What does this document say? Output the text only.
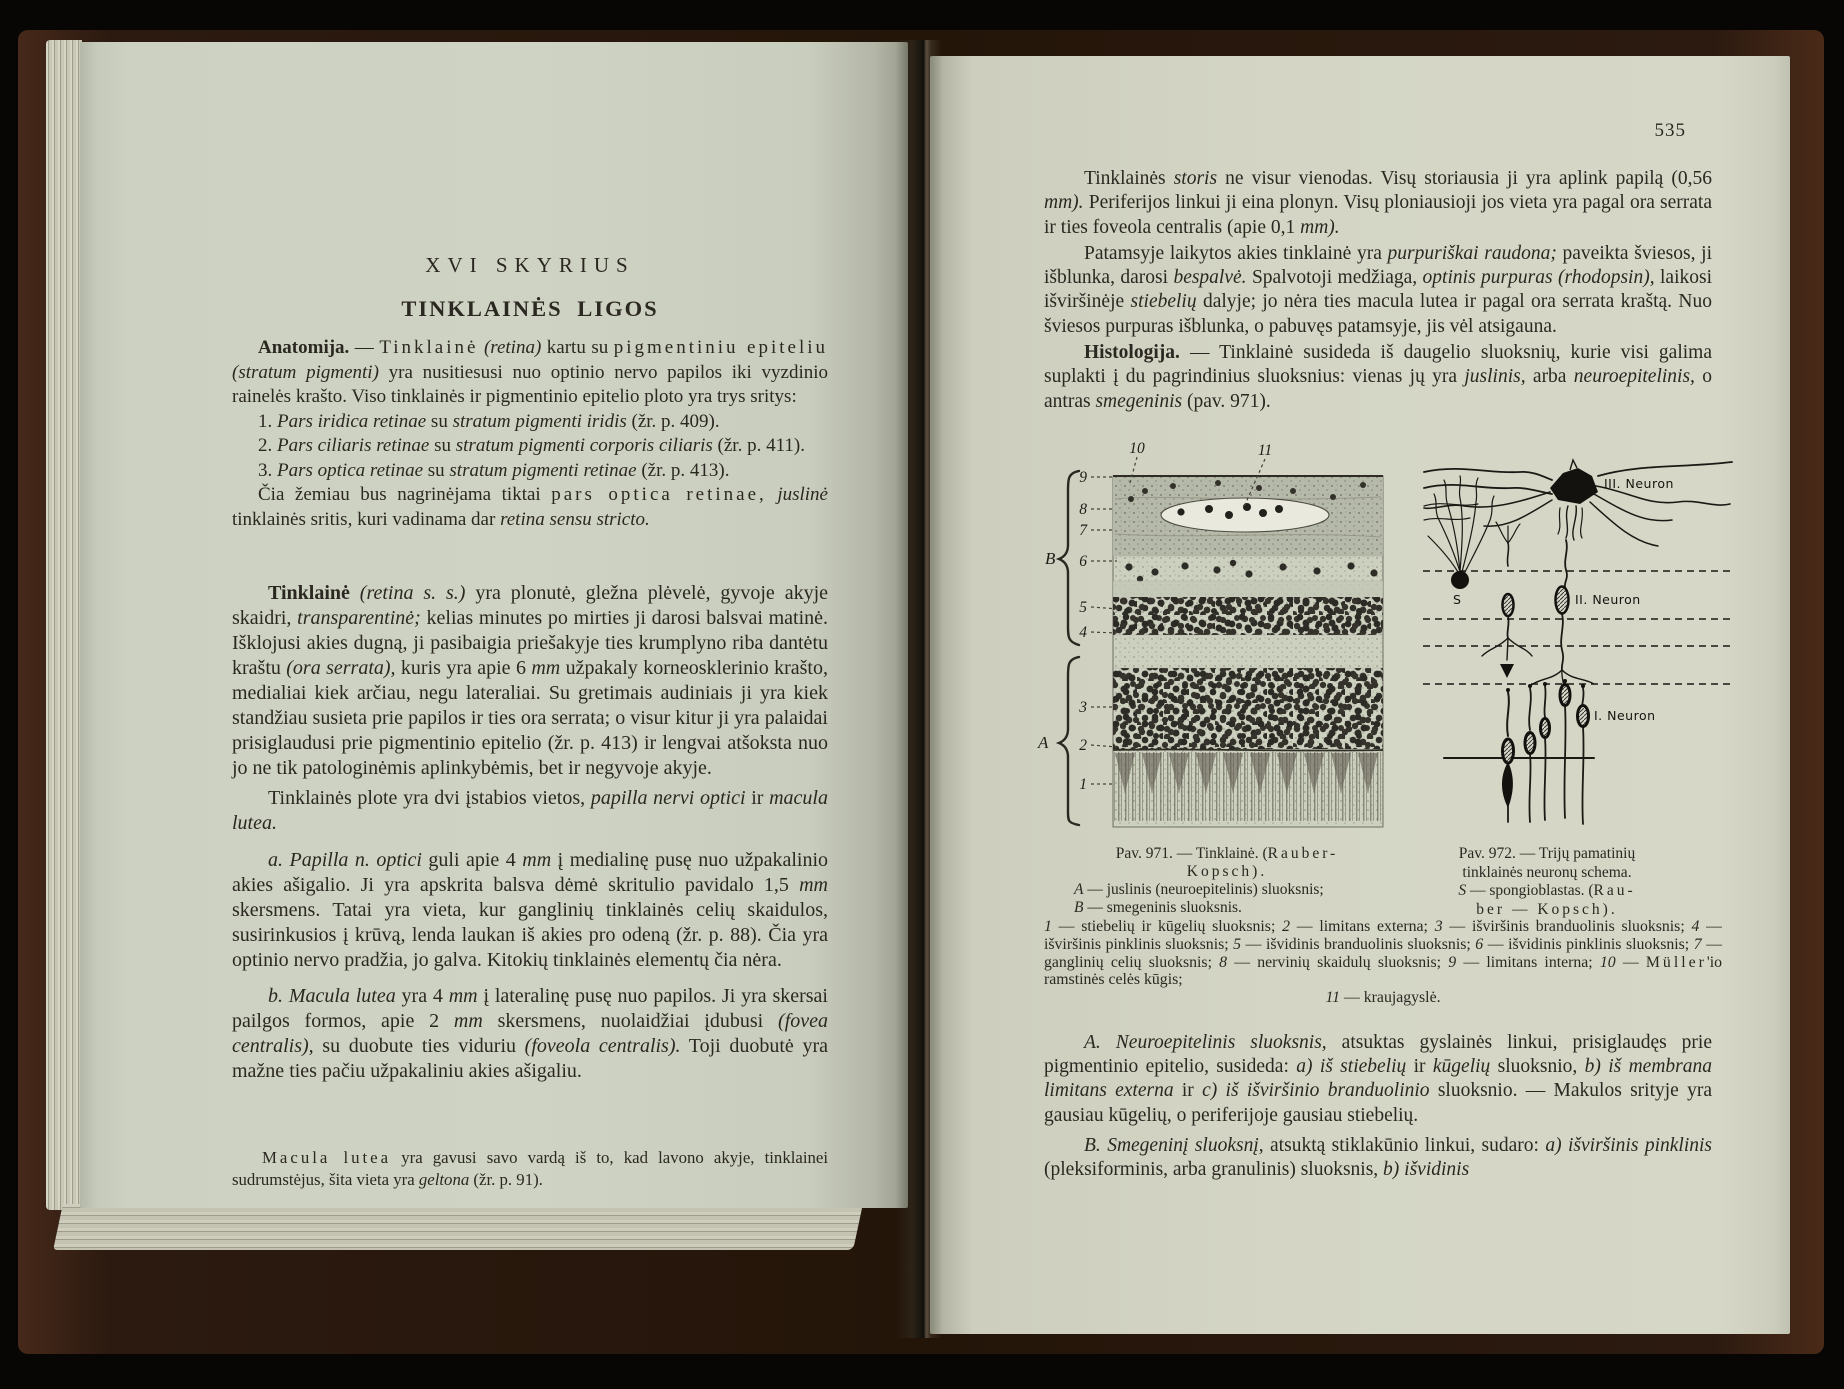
XVI SKYRIUS
TINKLAINĖS LIGOS

Anatomija. — Tinklainė (retina) kartu su pigmentiniu epiteliu (stratum pigmenti) yra nusitiesusi nuo optinio nervo papilos iki vyzdinio rainelės krašto. Viso tinklainės ir pigmentinio epitelio ploto yra trys sritys:

1. Pars iridica retinae su stratum pigmenti iridis (žr. p. 409).

2. Pars ciliaris retinae su stratum pigmenti corporis ciliaris (žr. p. 411).

3. Pars optica retinae su stratum pigmenti retinae (žr. p. 413).

Čia žemiau bus nagrinėjama tiktai pars optica retinae, juslinė tinklainės sritis, kuri vadinama dar retina sensu stricto.

Tinklainė (retina s. s.) yra plonutė, gležna plėvelė, gyvoje akyje skaidri, transparentinė; kelias minutes po mirties ji darosi balsvai matinė. Išklojusi akies dugną, ji pasibaigia priešakyje ties krumplyno riba dantėtu kraštu (ora serrata), kuris yra apie 6 mm užpakaly korneosklerinio krašto, medialiai kiek arčiau, negu lateraliai. Su gretimais audiniais ji yra kiek standžiau susieta prie papilos ir ties ora serrata; o visur kitur ji yra palaidai prisiglaudusi prie pigmentinio epitelio (žr. p. 413) ir lengvai atšoksta nuo jo ne tik patologinėmis aplinkybėmis, bet ir negyvoje akyje.

Tinklainės plote yra dvi įstabios vietos, papilla nervi optici ir macula lutea.

a. Papilla n. optici guli apie 4 mm į medialinę pusę nuo užpakalinio akies ašigalio. Ji yra apskrita balsva dėmė skritulio pavidalo 1,5 mm skersmens. Tatai yra vieta, kur ganglinių tinklainės celių skaidulos, susirinkusios į krūvą, lenda laukan iš akies pro odeną (žr. p. 88). Čia yra optinio nervo pradžia, jo galva. Kitokių tinklainės elementų čia nėra.

b. Macula lutea yra 4 mm į lateralinę pusę nuo papilos. Ji yra skersai pailgos formos, apie 2 mm skersmens, nuolaidžiai įdubusi (fovea centralis), su duobute ties viduriu (foveola centralis). Toji duobutė yra mažne ties pačiu užpakaliniu akies ašigaliu.

Macula lutea yra gavusi savo vardą iš to, kad lavono akyje, tinklainei sudrumstėjus, šita vieta yra geltona (žr. p. 91).

535

Tinklainės storis ne visur vienodas. Visų storiausia ji yra aplink papilą (0,56 mm). Periferijos linkui ji eina plonyn. Visų ploniausioji jos vieta yra pagal ora serrata ir ties foveola centralis (apie 0,1 mm).

Patamsyje laikytos akies tinklainė yra purpuriškai raudona; paveikta šviesos, ji išblunka, darosi bespalvė. Spalvotoji medžiaga, optinis purpuras (rhodopsin), laikosi išviršinėje stiebelių dalyje; jo nėra ties macula lutea ir pagal ora serrata kraštą. Nuo šviesos purpuras išblunka, o pabuvęs patamsyje, jis vėl atsigauna.

Histologija. — Tinklainė susideda iš daugelio sluoksnių, kurie visi galima suplakti į du pagrindinius sluoksnius: vienas jų yra juslinis, arba neuroepitelinis, o antras smegeninis (pav. 971).

9
8
7
6
5
4
3
2
1
B
A
10	11
III. Neuron
II. Neuron
I. Neuron
S
Pav. 971. — Tinklainė. (Rauber-
Kopsch).
A — juslinis (neuroepitelinis) sluoksnis;
B — smegeninis sluoksnis.
Pav. 972. — Trijų pamatinių
tinklainės neuronų schema.
S — spongioblastas. (Rau-
ber — Kopsch).
1 — stiebelių ir kūgelių sluoksnis; 2 — limitans externa; 3 — išviršinis branduolinis sluoksnis; 4 — išviršinis pinklinis sluoksnis; 5 — išvidinis branduolinis sluoksnis; 6 — išvidinis pinklinis sluoksnis; 7 — ganglinių celių sluoksnis; 8 — nervinių skaidulų sluoksnis; 9 — limitans interna; 10 — Müller'io ramstinės celės kūgis;
11 — kraujagyslė.

A. Neuroepitelinis sluoksnis, atsuktas gyslainės linkui, prisiglaudęs prie pigmentinio epitelio, susideda: a) iš stiebelių ir kūgelių sluoksnio, b) iš membrana limitans externa ir c) iš išviršinio branduolinio sluoksnio. — Makulos srityje yra gausiau kūgelių, o periferijoje gausiau stiebelių.

B. Smegeninį sluoksnį, atsuktą stiklakūnio linkui, sudaro: a) išviršinis pinklinis (pleksiforminis, arba granulinis) sluoksnis, b) išvidinis
